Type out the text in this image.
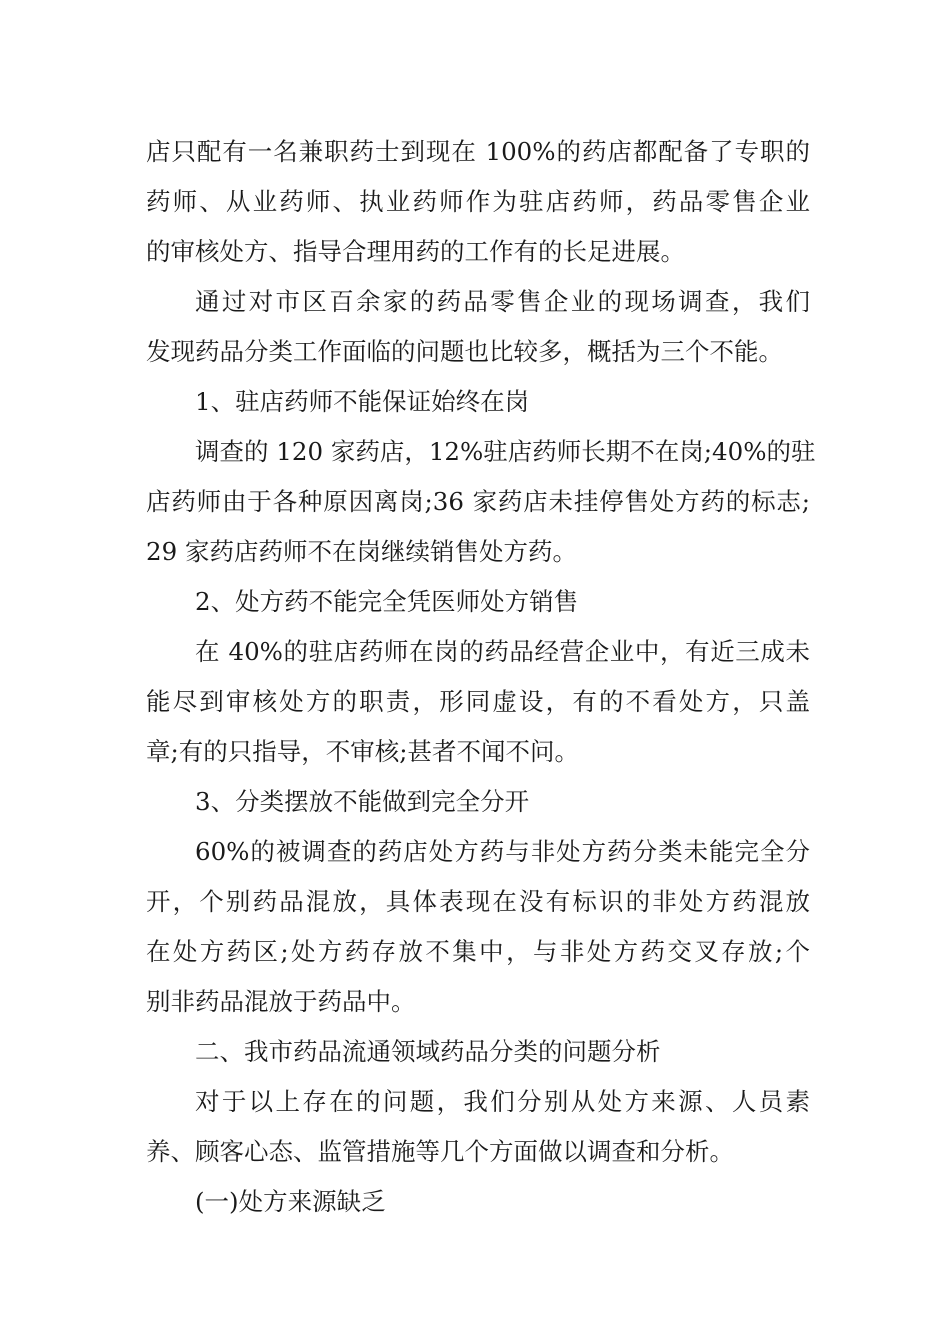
店只配有一名兼职药士到现在 100%的药店都配备了专职的
药师、从业药师、执业药师作为驻店药师，药品零售企业
的审核处方、指导合理用药的工作有的长足进展。
通过对市区百余家的药品零售企业的现场调查，我们
发现药品分类工作面临的问题也比较多，概括为三个不能。
1、驻店药师不能保证始终在岗
调查的 120 家药店，12%驻店药师长期不在岗;40%的驻
店药师由于各种原因离岗;36 家药店未挂停售处方药的标志;
29 家药店药师不在岗继续销售处方药。
2、处方药不能完全凭医师处方销售
在 40%的驻店药师在岗的药品经营企业中，有近三成未
能尽到审核处方的职责，形同虚设，有的不看处方，只盖
章;有的只指导，不审核;甚者不闻不问。
3、分类摆放不能做到完全分开
60%的被调查的药店处方药与非处方药分类未能完全分
开，个别药品混放，具体表现在没有标识的非处方药混放
在处方药区;处方药存放不集中，与非处方药交叉存放;个
别非药品混放于药品中。
二、我市药品流通领域药品分类的问题分析
对于以上存在的问题，我们分别从处方来源、人员素
养、顾客心态、监管措施等几个方面做以调查和分析。
(一)处方来源缺乏
